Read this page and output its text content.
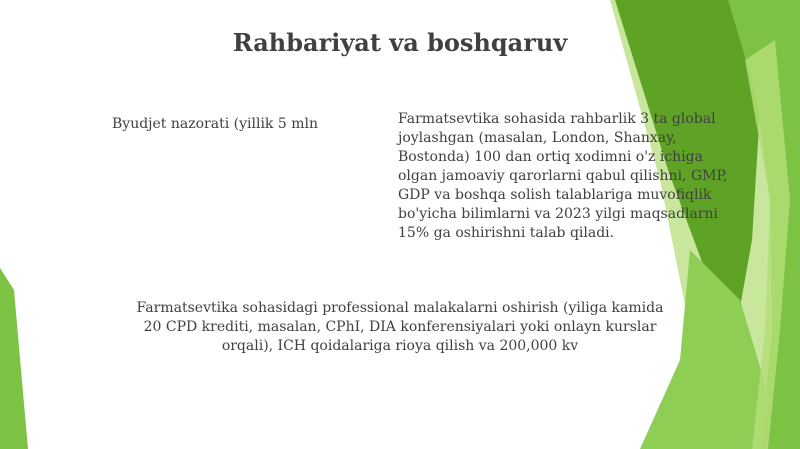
Rahbariyat va boshqaruv
Byudjet nazorati (yillik 5 mln	Farmatsevtika sohasida rahbarlik 3 ta global joylashgan (masalan, London, Shanxay, Bostonda) 100 dan ortiq xodimni o'z ichiga olgan jamoaviy qarorlarni qabul qilishni, GMP, GDP va boshqa solish talablariga muvofiqlik bo'yicha bilimlarni va 2023 yilgi maqsadlarni 15% ga oshirishni talab qiladi.
Farmatsevtika sohasidagi professional malakalarni oshirish (yiliga kamida 20 CPD krediti, masalan, CPhI, DIA konferensiyalari yoki onlayn kurslar orqali), ICH qoidalariga rioya qilish va 200,000 kv
